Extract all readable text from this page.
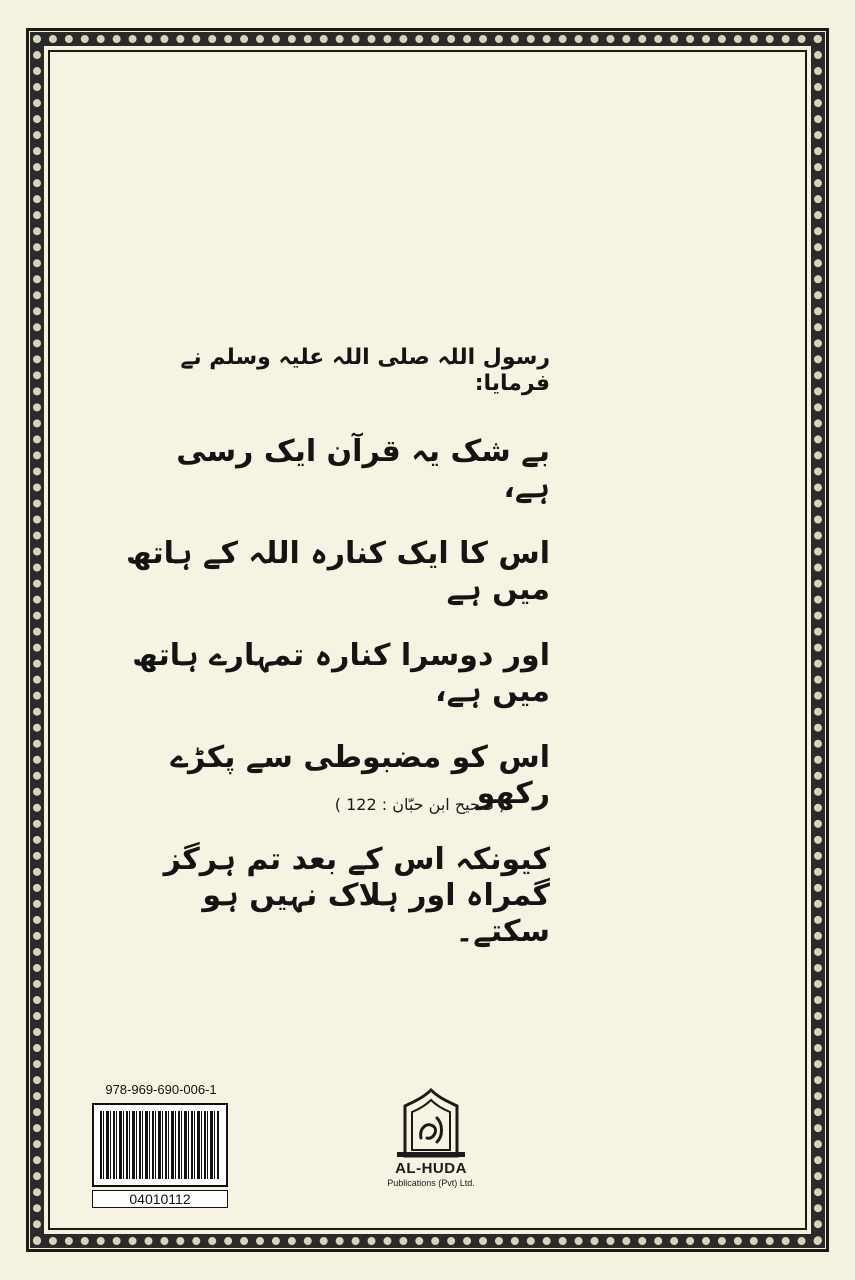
رسول اللہ صلی اللہ علیہ وسلم نے فرمایا:

بے شک یہ قرآن ایک رسی ہے،

اس کا ایک کنارہ اللہ کے ہاتھ میں ہے

اور دوسرا کنارہ تمہارے ہاتھ میں ہے،

اس کو مضبوطی سے پکڑے رکھو

کیونکہ اس کے بعد تم ہرگز گمراہ اور ہلاک نہیں ہو سکتے۔

( صحیح ابن حبّان : 122 )
978-969-690-006-1
04010112
AL-HUDA
Publications (Pvt) Ltd.
